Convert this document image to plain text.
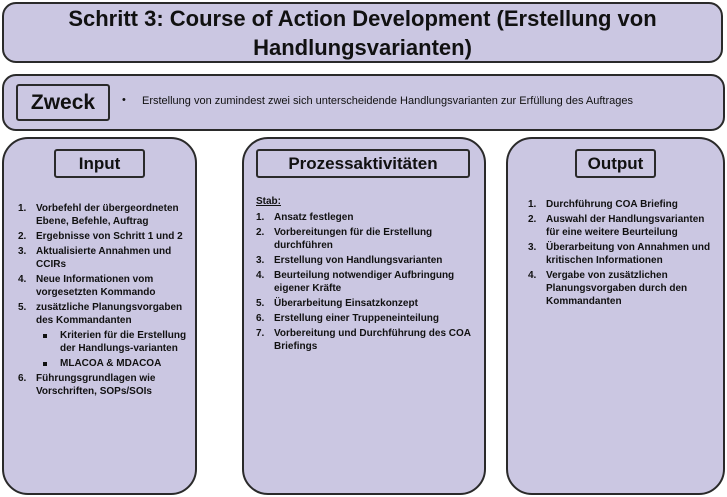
Schritt 3: Course of Action Development (Erstellung von Handlungsvarianten)
Zweck	• Erstellung von zumindest zwei sich unterscheidende Handlungsvarianten zur Erfüllung des Auftrages
Input
1. Vorbefehl der übergeordneten Ebene, Befehle, Auftrag
2. Ergebnisse von Schritt 1 und 2
3. Aktualisierte Annahmen und CCIRs
4. Neue Informationen vom vorgesetzten Kommando
5. zusätzliche Planungsvorgaben des Kommandanten
Kriterien für die Erstellung der Handlungs-varianten
MLACOA & MDACOA
6. Führungsgrundlagen wie Vorschriften, SOPs/SOIs
Prozessaktivitäten
Stab:
1. Ansatz festlegen
2. Vorbereitungen für die Erstellung durchführen
3. Erstellung von Handlungsvarianten
4. Beurteilung notwendiger Aufbringung eigener Kräfte
5. Überarbeitung Einsatzkonzept
6. Erstellung einer Truppeneinteilung
7. Vorbereitung und Durchführung des COA Briefings
Output
1. Durchführung COA Briefing
2. Auswahl der Handlungsvarianten für eine weitere Beurteilung
3. Überarbeitung von Annahmen und kritischen Informationen
4. Vergabe von zusätzlichen Planungsvorgaben durch den Kommandanten
